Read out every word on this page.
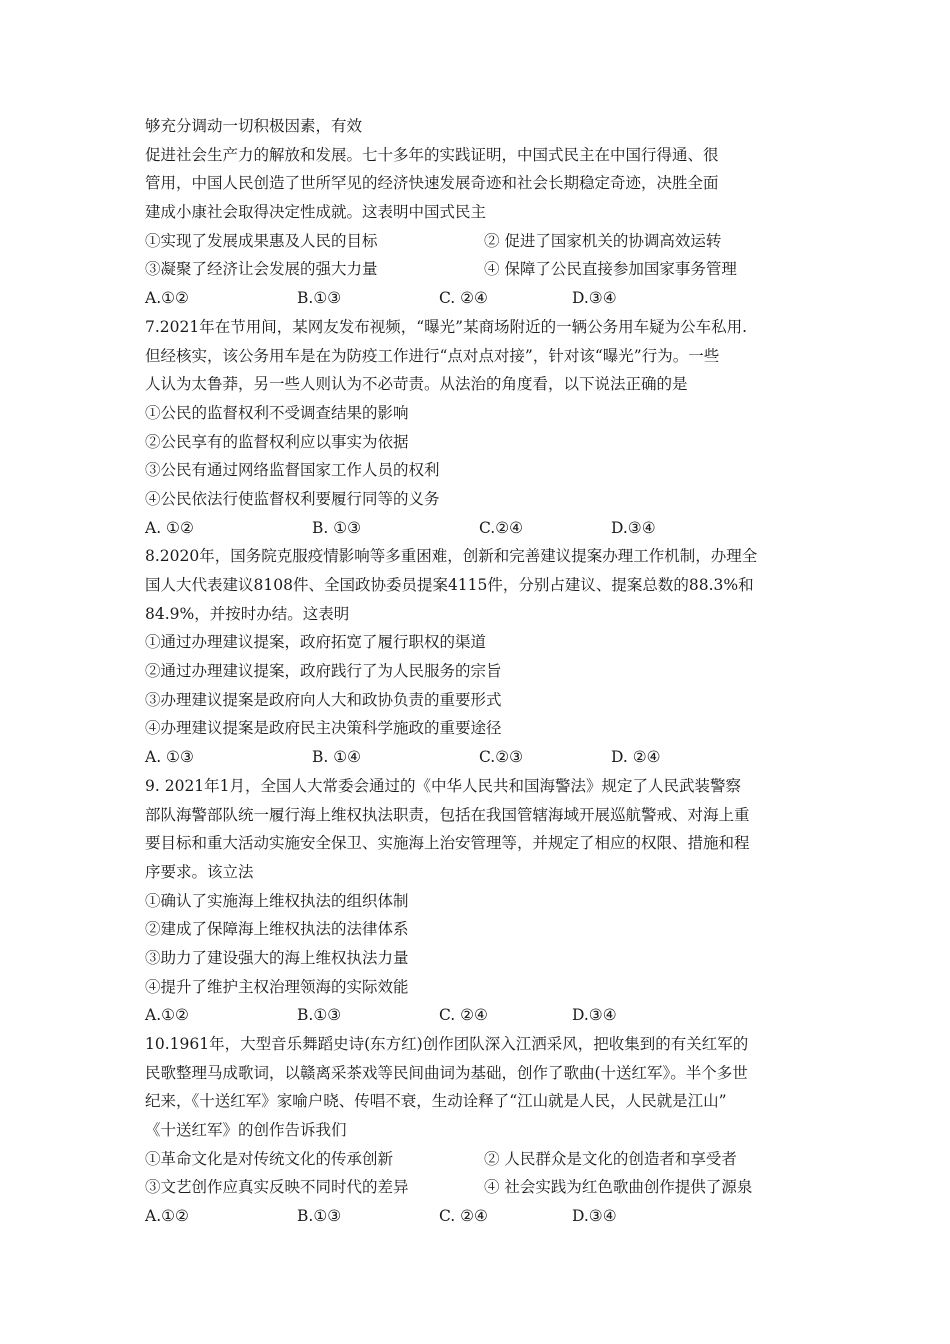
够充分调动一切积极因素，有效
促进社会生产力的解放和发展。七十多年的实践证明，中国式民主在中国行得通、很
管用，中国人民创造了世所罕见的经济快速发展奇迹和社会长期稳定奇迹，决胜全面
建成小康社会取得决定性成就。这表明中国式民主
①实现了发展成果惠及人民的目标	② 促进了国家机关的协调高效运转
③凝聚了经济让会发展的强大力量	④ 保障了公民直接参加国家事务管理
A.①②	B.①③	C. ②④	D.③④
7.2021年在节用间，某网友发布视频，“曝光”某商场附近的一辆公务用车疑为公车私用.
但经核实，该公务用车是在为防疫工作进行“点对点对接”，针对该“曝光”行为。一些
人认为太鲁莽，另一些人则认为不必苛责。从法治的角度看，以下说法正确的是
①公民的监督权利不受调查结果的影响
②公民享有的监督权利应以事实为依据
③公民有通过网络监督国家工作人员的权利
④公民依法行使监督权利要履行同等的义务
A. ①②	B. ①③	C.②④	D.③④
8.2020年，国务院克服疫情影响等多重困难，创新和完善建议提案办理工作机制，办理全
国人大代表建议8108件、全国政协委员提案4115件，分别占建议、提案总数的88.3%和
84.9%，并按时办结。这表明
①通过办理建议提案，政府拓宽了履行职权的渠道
②通过办理建议提案，政府践行了为人民服务的宗旨
③办理建议提案是政府向人大和政协负责的重要形式
④办理建议提案是政府民主决策科学施政的重要途径
A. ①③	B. ①④	C.②③	D. ②④
9. 2021年1月，全国人大常委会通过的《中华人民共和国海警法》规定了人民武装警察
部队海警部队统一履行海上维权执法职责，包括在我国管辖海域开展巡航警戒、对海上重
要目标和重大活动实施安全保卫、实施海上治安管理等，并规定了相应的权限、措施和程
序要求。该立法
①确认了实施海上维权执法的组织体制
②建成了保障海上维权执法的法律体系
③助力了建设强大的海上维权执法力量
④提升了维护主权治理领海的实际效能
A.①②	B.①③	C. ②④	D.③④
10.1961年，大型音乐舞蹈史诗(东方红)创作团队深入江洒采风，把收集到的有关红军的
民歌整理马成歌词，以赣离采茶戏等民间曲词为基础，创作了歌曲(十送红军》。半个多世
纪来，《十送红军》家喻户晓、传唱不衰，生动诠释了“江山就是人民，人民就是江山”
《十送红军》的创作告诉我们
①革命文化是对传统文化的传承创新	② 人民群众是文化的创造者和享受者
③文艺创作应真实反映不同时代的差异	④ 社会实践为红色歌曲创作提供了源泉
A.①②	B.①③	C. ②④	D.③④
